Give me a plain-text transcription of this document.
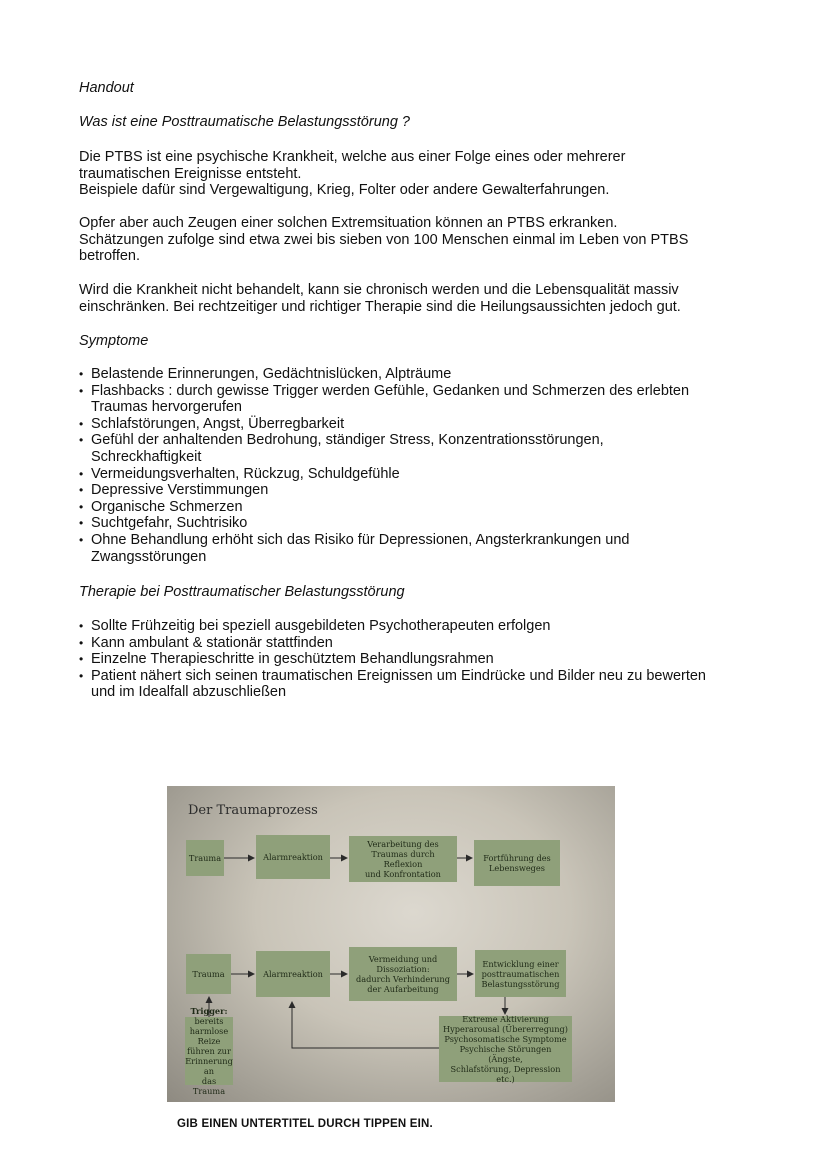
Handout

Was ist eine Posttraumatische Belastungsstörung ?

Die PTBS ist eine psychische Krankheit, welche aus einer Folge eines oder mehrerer
traumatischen Ereignisse entsteht.
Beispiele dafür sind Vergewaltigung, Krieg, Folter oder andere Gewalterfahrungen.

Opfer aber auch Zeugen einer solchen Extremsituation können an PTBS erkranken.
Schätzungen zufolge sind etwa zwei bis sieben von 100 Menschen einmal im Leben von PTBS
betroffen.

Wird die Krankheit nicht behandelt, kann sie chronisch werden und die Lebensqualität massiv
einschränken. Bei rechtzeitiger und richtiger Therapie sind die Heilungsaussichten jedoch gut.

Symptome

• Belastende Erinnerungen, Gedächtnislücken, Alpträume
• Flashbacks : durch gewisse Trigger werden Gefühle, Gedanken und Schmerzen des erlebten
Traumas hervorgerufen
• Schlafstörungen, Angst, Überregbarkeit
• Gefühl der anhaltenden Bedrohung, ständiger Stress, Konzentrationsstörungen,
Schreckhaftigkeit
• Vermeidungsverhalten, Rückzug, Schuldgefühle
• Depressive Verstimmungen
• Organische Schmerzen
• Suchtgefahr, Suchtrisiko
• Ohne Behandlung erhöht sich das Risiko für Depressionen, Angsterkrankungen und
Zwangsstörungen

Therapie bei Posttraumatischer Belastungsstörung

• Sollte Frühzeitig bei speziell ausgebildeten Psychotherapeuten erfolgen
• Kann ambulant & stationär stattfinden
• Einzelne Therapieschritte in geschütztem Behandlungsrahmen
• Patient nähert sich seinen traumatischen Ereignissen um Eindrücke und Bilder neu zu bewerten
und im Idealfall abzuschließen

Der Traumaprozess

Trauma	Alarmreaktion
Verarbeitung des
Traumas durch Reflexion
und Konfrontation
Fortführung des
Lebensweges
Trauma	Alarmreaktion
Vermeidung und
Dissoziation:
dadurch Verhinderung
der Aufarbeitung
Entwicklung einer
posttraumatischen
Belastungsstörung
Trigger: bereits
harmlose Reize
führen zur
Erinnerung an
das Trauma
Extreme Aktivierung
Hyperarousal (Übererregung)
Psychosomatische Symptome
Psychische Störungen (Ängste,
Schlafstörung, Depression etc.)

GIB EINEN UNTERTITEL DURCH TIPPEN EIN.
